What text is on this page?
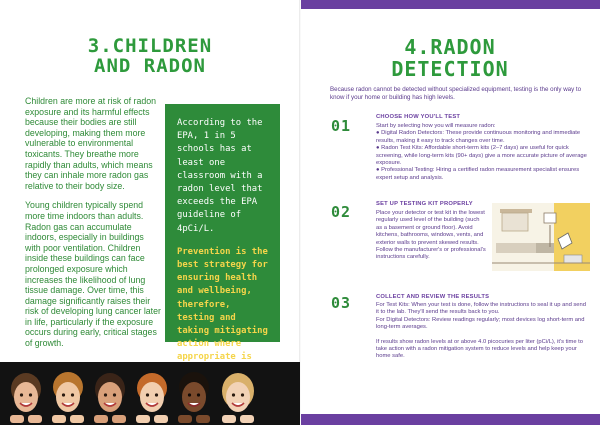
3.CHILDREN
AND RADON

Children are more at risk of radon exposure and its harmful effects because their bodies are still developing, making them more vulnerable to environmental toxicants. They breathe more rapidly than adults, which means they can inhale more radon gas relative to their body size.

Young children typically spend more time indoors than adults. Radon gas can accumulate indoors, especially in buildings with poor ventilation. Children inside these buildings can face prolonged exposure which increases the likelihood of lung tissue damage. Over time, this damage significantly raises their risk of developing lung cancer later in life, particularly if the exposure occurs during early, critical stages of growth.

According to the EPA, 1 in 5 schools has at least one classroom with a radon level that exceeds the EPA guideline of 4pCi/L.

Prevention is the best strategy for ensuring health and wellbeing, therefore, testing and taking mitigating action where appropriate is

4.RADON
DETECTION

Because radon cannot be detected without specialized equipment, testing is the only way to know if your home or building has high levels.

01	CHOOSE HOW YOU'LL TEST

Start by selecting how you will measure radon:

● Digital Radon Detectors: These provide continuous monitoring and immediate results, making it easy to track changes over time.

● Radon Test Kits: Affordable short-term kits (2–7 days) are useful for quick screening, while long-term kits (90+ days) give a more accurate picture of average exposure.

● Professional Testing: Hiring a certified radon measurement specialist ensures expert setup and analysis.

02	SET UP TESTING KIT PROPERLY

Place your detector or test kit in the lowest regularly used level of the building (such as a basement or ground floor). Avoid kitchens, bathrooms, windows, vents, and exterior walls to prevent skewed results. Follow the manufacturer's or professional's instructions carefully.

03	COLLECT AND REVIEW THE RESULTS

For Test Kits: When your test is done, follow the instructions to seal it up and send it to the lab. They'll send the results back to you.

For Digital Detectors: Review readings regularly; most devices log short-term and long-term averages.

If results show radon levels at or above 4.0 picocuries per liter (pCi/L), it's time to take action with a radon mitigation system to reduce levels and help keep your home safe.
